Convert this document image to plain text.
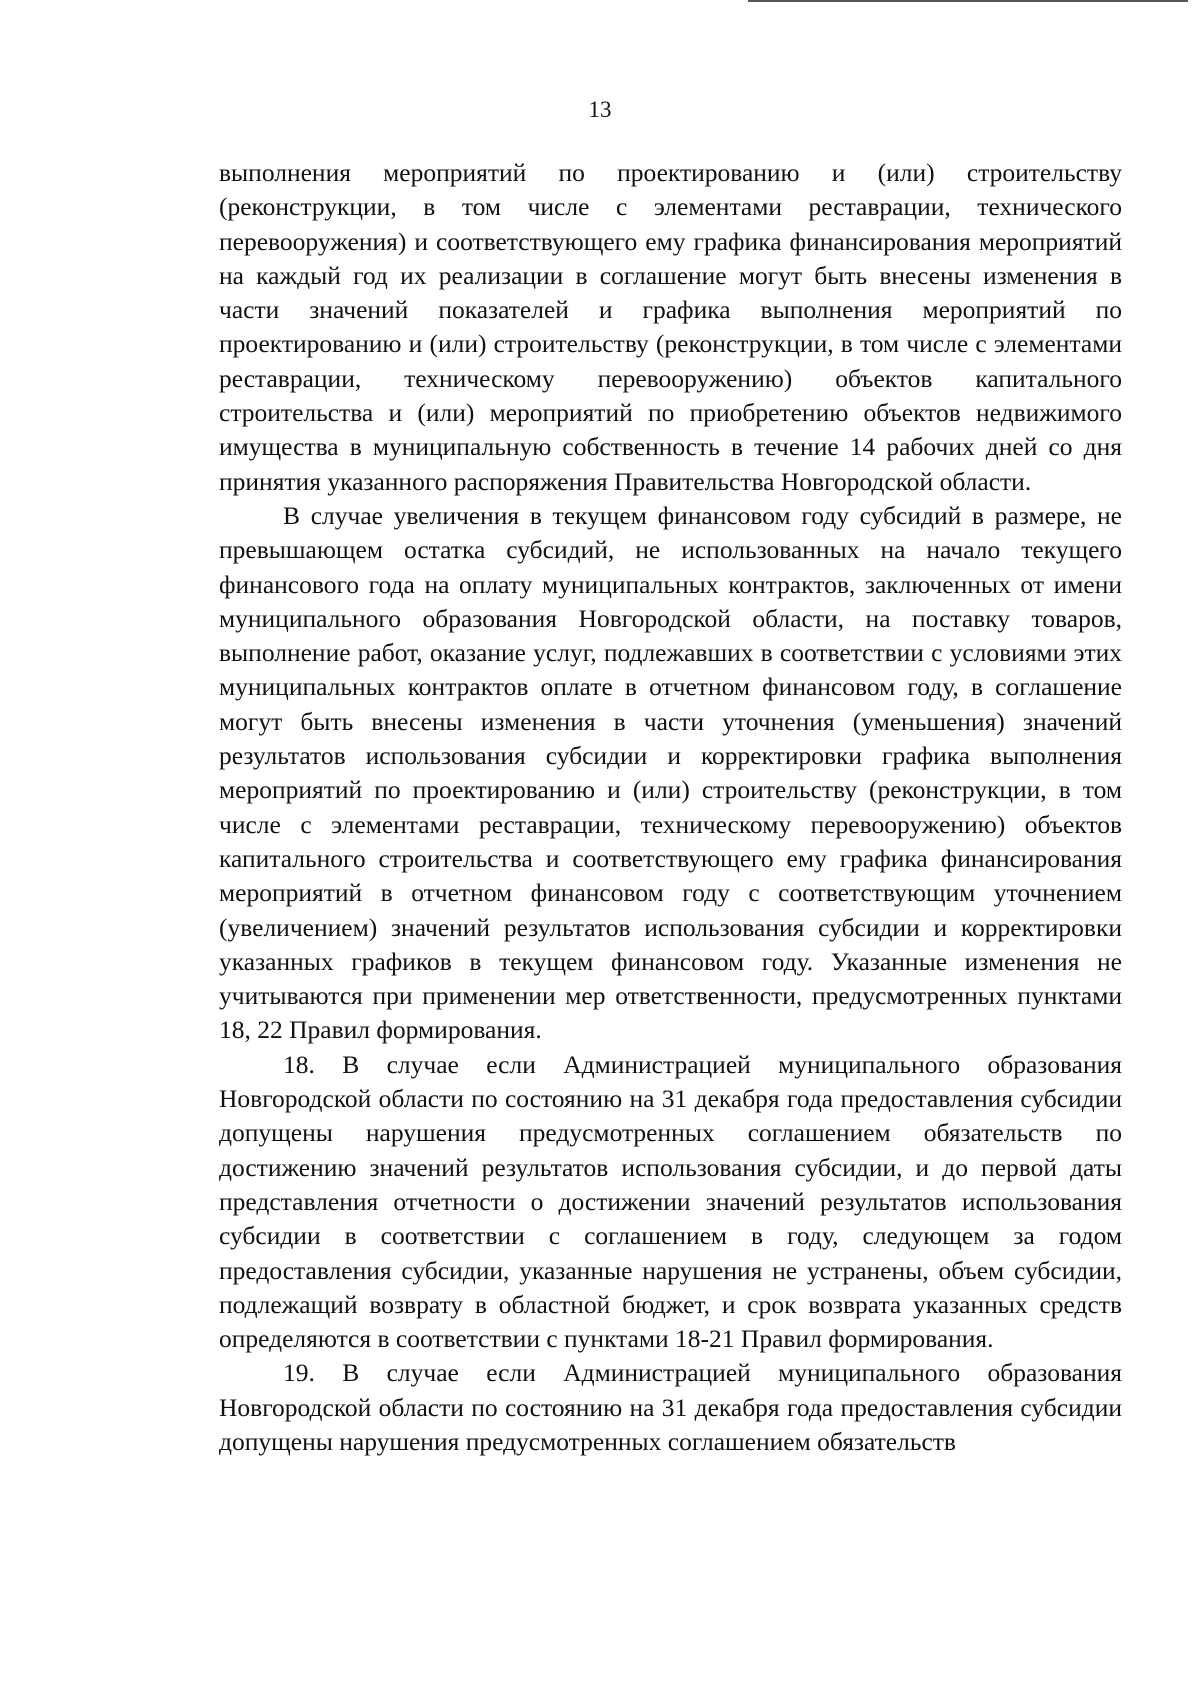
13

выполнения мероприятий по проектированию и (или) строительству (реконструкции, в том числе с элементами реставрации, технического перевооружения) и соответствующего ему графика финансирования мероприятий на каждый год их реализации в соглашение могут быть внесены изменения в части значений показателей и графика выполнения мероприятий по проектированию и (или) строительству (реконструкции, в том числе с элементами реставрации, техническому перевооружению) объектов капитального строительства и (или) мероприятий по приобретению объектов недвижимого имущества в муниципальную собственность в течение 14 рабочих дней со дня принятия указанного распоряжения Правительства Новгородской области.

В случае увеличения в текущем финансовом году субсидий в размере, не превышающем остатка субсидий, не использованных на начало текущего финансового года на оплату муниципальных контрактов, заключенных от имени муниципального образования Новгородской области, на поставку товаров, выполнение работ, оказание услуг, подлежавших в соответствии с условиями этих муниципальных контрактов оплате в отчетном финансовом году, в соглашение могут быть внесены изменения в части уточнения (уменьшения) значений результатов использования субсидии и корректировки графика выполнения мероприятий по проектированию и (или) строительству (реконструкции, в том числе с элементами реставрации, техническому перевооружению) объектов капитального строительства и соответствующего ему графика финансирования мероприятий в отчетном финансовом году с соответствующим уточнением (увеличением) значений результатов использования субсидии и корректировки указанных графиков в текущем финансовом году. Указанные изменения не учитываются при применении мер ответственности, предусмотренных пунктами 18, 22 Правил формирования.

18. В случае если Администрацией муниципального образования Новгородской области по состоянию на 31 декабря года предоставления субсидии допущены нарушения предусмотренных соглашением обязательств по достижению значений результатов использования субсидии, и до первой даты представления отчетности о достижении значений результатов использования субсидии в соответствии с соглашением в году, следующем за годом предоставления субсидии, указанные нарушения не устранены, объем субсидии, подлежащий возврату в областной бюджет, и срок возврата указанных средств определяются в соответствии с пунктами 18-21 Правил формирования.

19. В случае если Администрацией муниципального образования Новгородской области по состоянию на 31 декабря года предоставления субсидии допущены нарушения предусмотренных соглашением обязательств
